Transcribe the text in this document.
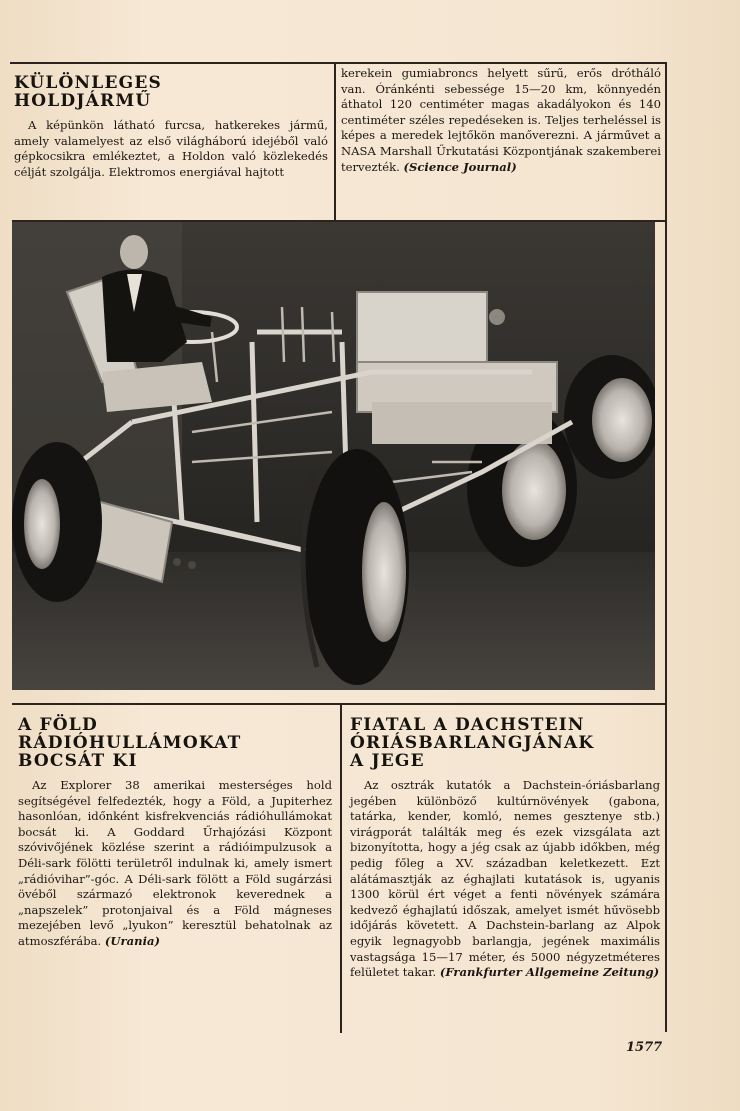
KÜLÖNLEGES
HOLDJÁRMŰ

A képünkön látható furcsa, hatkerekes jármű, amely valamelyest az első világháború idejéből való gépkocsikra emlékeztet, a Holdon való közlekedés célját szolgálja. Elektromos energiával hajtott

kerekein gumiabroncs helyett sűrű, erős drótháló van. Óránkénti sebessége 15—20 km, könnyedén áthatol 120 centiméter magas akadályokon és 140 centiméter széles repedéseken is. Teljes terheléssel is képes a meredek lejtőkön manőverezni. A járművet a NASA Marshall Űrkutatási Központjának szakemberei tervezték. (Science Journal)

A FÖLD
RÁDIÓHULLÁMOKAT
BOCSÁT KI

Az Explorer 38 amerikai mesterséges hold segítségével felfedezték, hogy a Föld, a Jupiterhez hasonlóan, időnként kisfrekvenciás rádióhullámokat bocsát ki. A Goddard Űrhajózási Központ szóvivőjének közlése szerint a rádióimpulzusok a Déli-sark fölötti területről indulnak ki, amely ismert „rádióvihar”-góc. A Déli-sark fölött a Föld sugárzási övéből származó elektronok keverednek a „napszelek” protonjaival és a Föld mágneses mezejében levő „lyukon” keresztül behatolnak az atmoszférába. (Urania)

FIATAL A DACHSTEIN
ÓRIÁSBARLANGJÁNAK
A JEGE

Az osztrák kutatók a Dachstein-óriásbarlang jegében különböző kultúrnövények (gabona, tatárka, kender, komló, nemes gesztenye stb.) virágporát találták meg és ezek vizsgálata azt bizonyította, hogy a jég csak az újabb időkben, még pedig főleg a XV. században keletkezett. Ezt alátámasztják az éghajlati kutatások is, ugyanis 1300 körül ért véget a fenti növények számára kedvező éghajlatú időszak, amelyet ismét hűvösebb időjárás követett. A Dachstein-barlang az Alpok egyik legnagyobb barlangja, jegének maximális vastagsága 15—17 méter, és 5000 négyzetméteres felületet takar. (Frankfurter Allgemeine Zeitung)

1577
